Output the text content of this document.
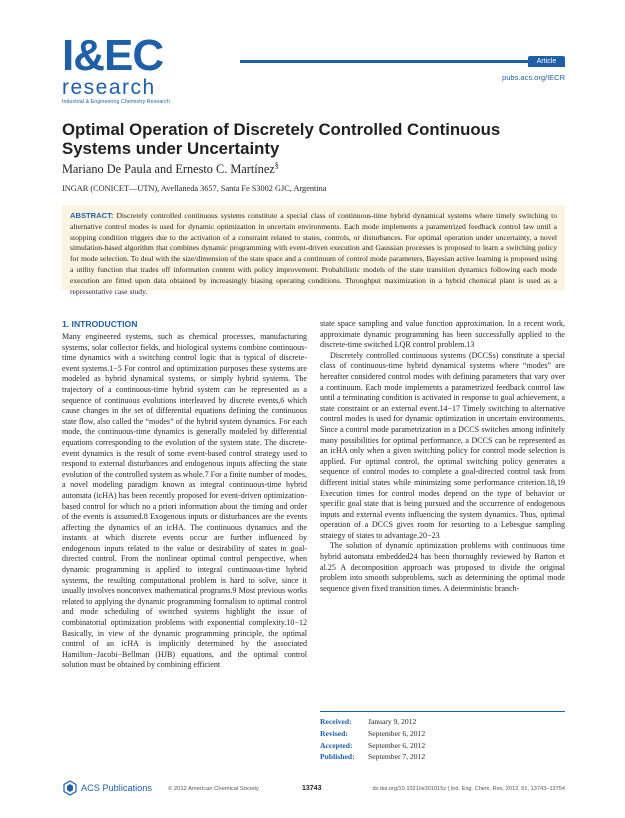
I&EC
research
Industrial & Engineering Chemistry Research
Article
pubs.acs.org/IECR
Optimal Operation of Discretely Controlled Continuous Systems under Uncertainty
Mariano De Paula and Ernesto C. Martínez§
INGAR (CONICET—UTN), Avellaneda 3657, Santa Fe S3002 GJC, Argentina
ABSTRACT: Discretely controlled continuous systems constitute a special class of continuous-time hybrid dynamical systems where timely switching to alternative control modes is used for dynamic optimization in uncertain environments. Each mode implements a parametrized feedback control law until a stopping condition triggers due to the activation of a constraint related to states, controls, or disturbances. For optimal operation under uncertainty, a novel simulation-based algorithm that combines dynamic programming with event-driven execution and Gaussian processes is proposed to learn a switching policy for mode selection. To deal with the size/dimension of the state space and a continuum of control mode parameters, Bayesian active learning is proposed using a utility function that trades off information content with policy improvement. Probabilistic models of the state transition dynamics following each mode execution are fitted upon data obtained by increasingly biasing operating conditions. Throughput maximization in a hybrid chemical plant is used as a representative case study.
1. INTRODUCTION

Many engineered systems, such as chemical processes, manufacturing systems, solar collector fields, and biological systems combine continuous-time dynamics with a switching control logic that is typical of discrete-event systems.1−5 For control and optimization purposes these systems are modeled as hybrid dynamical systems, or simply hybrid systems. The trajectory of a continuous-time hybrid system can be represented as a sequence of continuous evolutions interleaved by discrete events,6 which cause changes in the set of differential equations defining the continuous state flow, also called the “modes” of the hybrid system dynamics. For each mode, the continuous-time dynamics is generally modeled by differential equations corresponding to the evolution of the system state. The discrete-event dynamics is the result of some event-based control strategy used to respond to external disturbances and endogenous inputs affecting the state evolution of the controlled system as whole.7 For a finite number of modes, a novel modeling paradigm known as integral continuous-time hybrid automata (icHA) has been recently proposed for event-driven optimization-based control for which no a priori information about the timing and order of the events is assumed.8 Exogenous inputs or disturbances are the events affecting the dynamics of an icHA. The continuous dynamics and the instants at which discrete events occur are further influenced by endogenous inputs related to the value or desirability of states in goal-directed control. From the nonlinear optimal control perspective, when dynamic programming is applied to integral continuous-time hybrid systems, the resulting computational problem is hard to solve, since it usually involves nonconvex mathematical programs.9 Most previous works related to applying the dynamic programming formalism to optimal control and mode scheduling of switched systems highlight the issue of combinatorial optimization problems with exponential complexity.10−12 Basically, in view of the dynamic programming principle, the optimal control of an icHA is implicitly determined by the associated Hamilton−Jacobi−Bellman (HJB) equations, and the optimal control solution must be obtained by combining efficient

state space sampling and value function approximation. In a recent work, approximate dynamic programming has been successfully applied to the discrete-time switched LQR control problem.13

Discretely controlled continuous systems (DCCSs) constitute a special class of continuous-time hybrid dynamical systems where “modes” are hereafter considered control modes with defining parameters that vary over a continuum. Each mode implements a parametrized feedback control law until a terminating condition is activated in response to goal achievement, a state constraint or an external event.14−17 Timely switching to alternative control modes is used for dynamic optimization in uncertain environments. Since a control mode parametrization in a DCCS switches among infinitely many possibilities for optimal performance, a DCCS can be represented as an icHA only when a given switching policy for control mode selection is applied. For optimal control, the optimal switching policy generates a sequence of control modes to complete a goal-directed control task from different initial states while minimizing some performance criterion.18,19 Execution times for control modes depend on the type of behavior or specific goal state that is being pursued and the occurrence of endogenous inputs and external events influencing the system dynamics. Thus, optimal operation of a DCCS gives room for resorting to a Lebesgue sampling strategy of states to advantage.20−23

The solution of dynamic optimization problems with continuous time hybrid automata embedded24 has been thoroughly reviewed by Barton et al.25 A decomposition approach was proposed to divide the original problem into smooth subproblems, such as determining the optimal mode sequence given fixed transition times. A deterministic branch-

Received:	January 9, 2012
Revised:	September 6, 2012
Accepted:	September 6, 2012
Published:	September 7, 2012
ACS Publications	© 2012 American Chemical Society	13743	dx.doi.org/10.1021/ie301015z | Ind. Eng. Chem. Res. 2012, 51, 13743−13754
